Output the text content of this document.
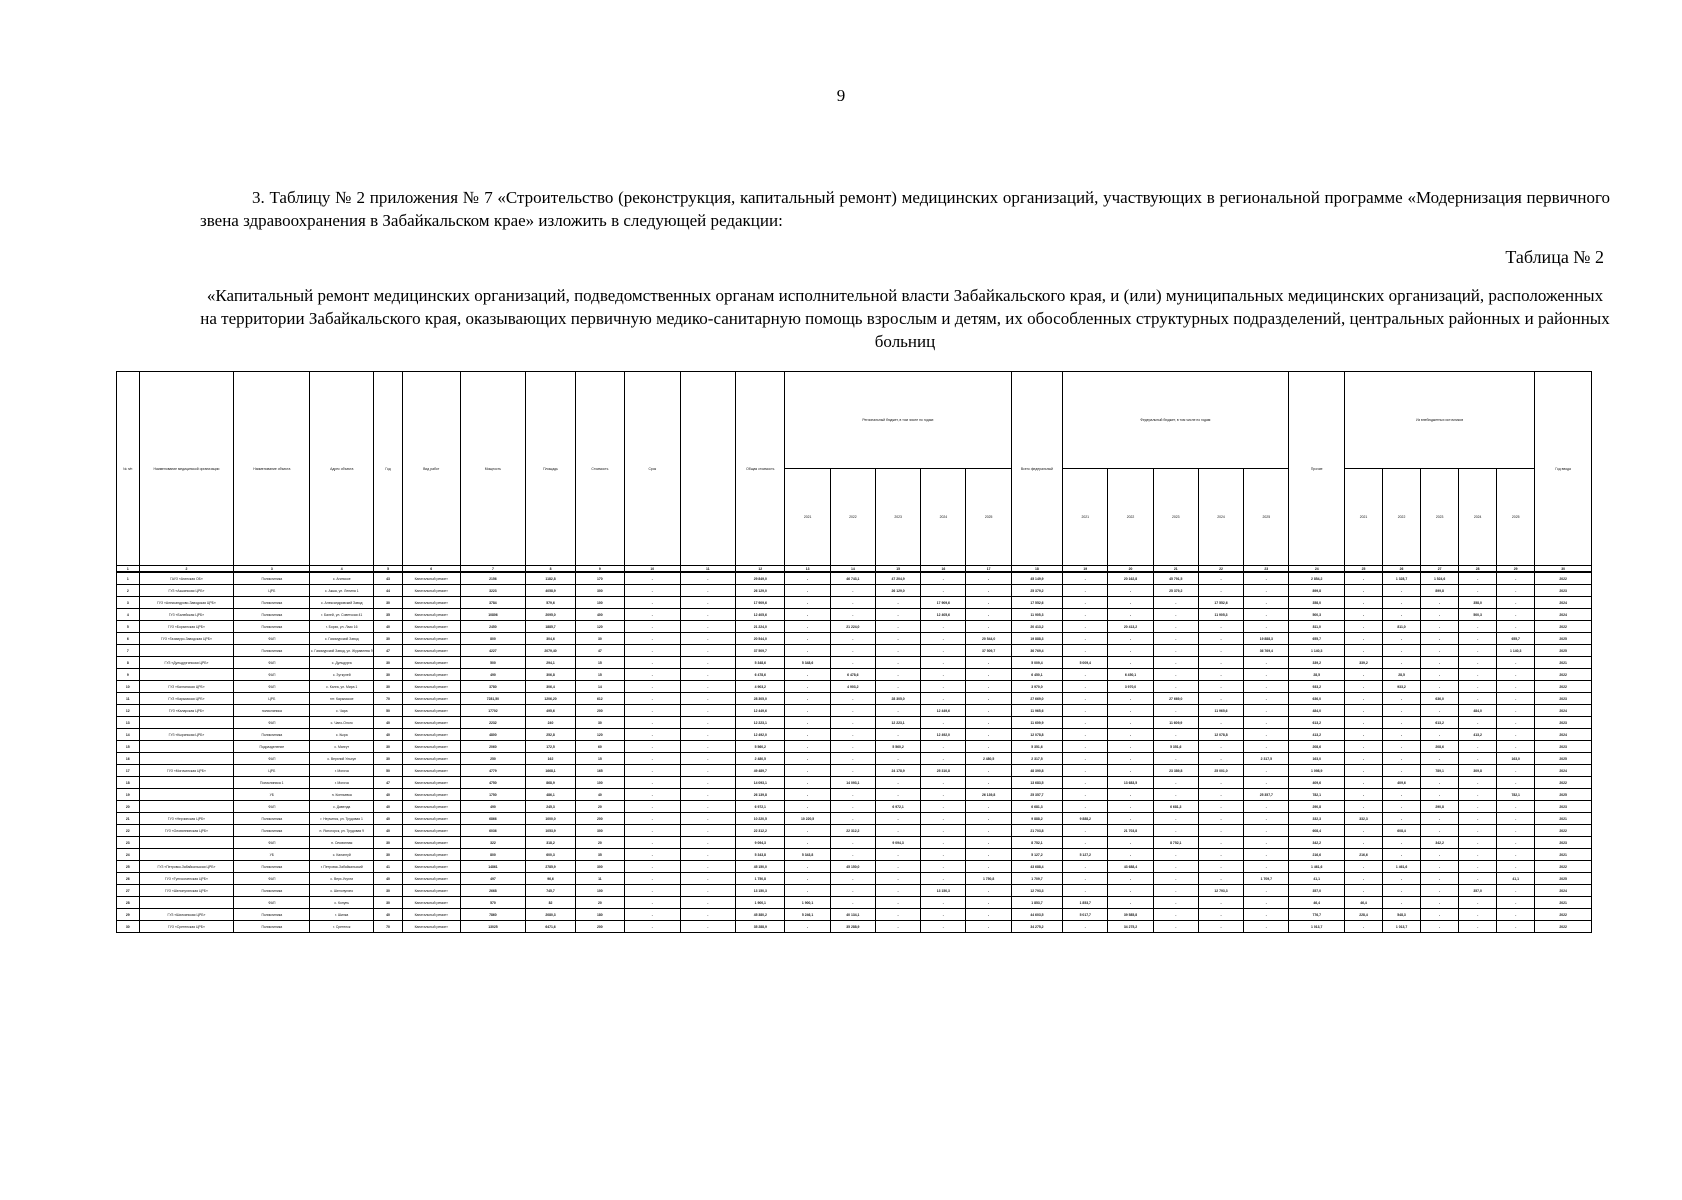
9
3. Таблицу № 2 приложения № 7 «Строительство (реконструкция, капитальный ремонт) медицинских организаций, участвующих в региональной программе «Модернизация первичного звена здравоохранения в Забайкальском крае» изложить в следующей редакции:
Таблица № 2
«Капитальный ремонт медицинских организаций, подведомственных органам исполнительной власти Забайкальского края, и (или) муниципальных медицинских организаций, расположенных на территории Забайкальского края, оказывающих первичную медико-санитарную помощь взрослым и детям, их обособленных структурных подразделений, центральных районных и районных больниц
№ п/п	Наименование медицинской организации	Наименование объекта	Адрес объекта	Год	Вид работ	Мощность	Площадь	Стоимость	Срок		Общая стоимость	Региональный бюджет, в том числе по годам:					Всего федеральный	Федеральный бюджет, в том числе по годам:					Прочие	Из внебюджетных источников					Год ввода
												2021	2022	2023	2024	2025		2021	2022	2023	2024	2025		2021	2022	2023	2024	2025	
1	2	3	4	5	6	7	8	9	10	11	12	13	14	15	16	17	18	19	20	21	22	23	24	25	26	27	28	29	30
1	ГАУЗ «Агинская ОБ»	Поликлиника	с. Агинское	43	Капитальный ремонт	2156	1182,8	170	-	-	29 849,0	-	46 743,1	47 204,9	-	-	45 149,9	-	20 162,8	45 791,5	-	-	2 854,2	-	1 328,7	1 524,6	-	-	2022
2	ГУЗ «Акшинская ЦРБ»	ЦРБ	с. Акша, ул. Ленина 1	44	Капитальный ремонт	3223	4058,9	300	-	-	26 129,0	-	-	26 129,0	-	-	25 379,2	-	-	25 379,2	-	-	899,8	-	-	899,8	-	-	2023
3	ГУЗ «Александрово-Заводская ЦРБ»	Поликлиника	с. Александровский Завод	30	Капитальный ремонт	3784	579,6	100	-	-	17 909,6	-	-	-	17 909,6	-	17 552,6	-	-	-	17 552,6	-	358,0	-	-	-	358,0	-	2024
4	ГУЗ «Балейская ЦРБ»	Поликлиника	г. Балей, ул. Советская 41	35	Капитальный ремонт	10806	2095,0	400	-	-	12 405,6	-	-	-	12 405,6	-	11 905,3	-	-	-	11 905,3	-	500,3	-	-	-	500,3	-	2024
5	ГУЗ «Борзинская ЦРБ»	Поликлиника	г. Борзя, ул. Лазо 16	40	Капитальный ремонт	2450	1885,7	120	-	-	21 224,0	-	21 224,0	-	-	-	20 413,2	-	20 413,2	-	-	-	811,0	-	811,0	-	-	-	2022
6	ГУЗ «Газимуро-Заводская ЦРБ»	ФАП	с. Газимурский Завод	30	Капитальный ремонт	800	304,6	30	-	-	20 544,0	-	-	-	-	20 544,0	19 888,3	-	-	-	-	19 888,3	655,7	-	-	-	-	655,7	2025
7		Поликлиника	с. Газимурский Завод, ул. Журавлева 9	47	Капитальный ремонт	4227	2079,40	47	-	-	37 509,7	-	-	-	-	37 509,7	36 769,4	-	-	-	-	36 769,4	1 140,3	-	-	-	-	1 140,3	2025
8	ГУЗ «Дульдургинская ЦРБ»	ФАП	с. Дульдурга	30	Капитальный ремонт	500	294,1	15	-	-	5 348,6	5 348,6	-	-	-	-	5 009,4	5 009,4	-	-	-	-	339,2	339,2	-	-	-	-	2021
9		ФАП	с. Зуткулей	30	Капитальный ремонт	490	306,8	15	-	-	6 478,6	-	6 478,6	-	-	-	6 450,1	-	6 450,1	-	-	-	28,5	-	28,5	-	-	-	2022
10	ГУЗ «Калганская ЦРБ»	ФАП	с. Калга, ул. Мира 1	30	Капитальный ремонт	3780	306,4	14	-	-	4 903,2	-	4 903,2	-	-	-	3 970,0	-	3 970,0	-	-	-	933,2	-	933,2	-	-	-	2022
11	ГУЗ «Карымская ЦРБ»	ЦРБ	пгт. Карымское	70	Капитальный ремонт	7281,50	1206,20	612	-	-	28 305,0	-	-	28 305,0	-	-	27 669,0	-	-	27 669,0	-	-	636,0	-	-	636,0	-	-	2023
12	ГУЗ «Каларская ЦРБ»	поликлиника	с. Чара	50	Капитальный ремонт	17702	495,6	200	-	-	12 449,6	-	-	-	12 449,6	-	11 965,6	-	-	-	11 965,6	-	484,0	-	-	-	484,0	-	2024
13		ФАП	с. Чапо-Олого	40	Капитальный ремонт	2232	240	30	-	-	12 223,1	-	-	12 223,1	-	-	11 609,9	-	-	11 609,9	-	-	613,2	-	-	613,2	-	-	2023
14	ГУЗ «Кыринская ЦРБ»	Поликлиника	с. Кыра	40	Капитальный ремонт	4800	252,8	120	-	-	12 492,0	-	-	-	12 492,0	-	12 078,8	-	-	-	12 078,8	-	413,2	-	-	-	413,2	-	2024
15		Подразделение	с. Мангут	30	Капитальный ремонт	2060	172,5	60	-	-	5 560,2	-	-	5 560,2	-	-	5 351,6	-	-	5 351,6	-	-	208,6	-	-	208,6	-	-	2023
16		ФАП	с. Верхний Ульхун	30	Капитальный ремонт	250	162	15	-	-	2 480,5	-	-	-	-	2 480,5	2 317,5	-	-	-	-	2 317,5	163,0	-	-	-	-	163,0	2025
17	ГУЗ «Могочинская ЦРБ»	ЦРБ	г. Могоча	50	Капитальный ремонт	4779	1668,1	165	-	-	49 489,7	-	-	24 178,9	25 310,8	-	48 390,8	-	-	23 389,8	25 001,0	-	1 098,9	-	-	789,1	309,8	-	2024
18		Поликлиника 1	г. Могоча	47	Капитальный ремонт	4750	868,9	100	-	-	14 093,1	-	14 093,1	-	-	-	13 683,5	-	13 683,5	-	-	-	409,6	-	409,6	-	-	-	2022
19		УБ	п. Ксеньевка	40	Капитальный ремонт	1750	486,1	40	-	-	26 139,8	-	-	-	-	26 139,8	25 357,7	-	-	-	-	25 357,7	782,1	-	-	-	-	782,1	2025
20		ФАП	с. Давенда	40	Капитальный ремонт	490	245,3	20	-	-	6 972,1	-	-	6 972,1	-	-	6 681,3	-	-	6 681,3	-	-	290,8	-	-	290,8	-	-	2023
21	ГУЗ «Нерчинская ЦРБ»	Поликлиника	г. Нерчинск, ул. Трудовая 1	40	Капитальный ремонт	6866	1000,0	200	-	-	10 220,5	10 220,5	-	-	-	-	9 888,2	9 888,2	-	-	-	-	332,3	332,3	-	-	-	-	2021
22	ГУЗ «Оловяннинская ЦРБ»	Поликлиника	п. Ясногорск, ул. Трудовая 9	40	Капитальный ремонт	6036	1053,9	300	-	-	22 312,2	-	22 312,2	-	-	-	21 703,8	-	21 703,8	-	-	-	608,4	-	608,4	-	-	-	2022
23		ФАП	п. Оловянная	30	Капитальный ремонт	322	318,2	20	-	-	9 094,3	-	-	9 094,3	-	-	8 752,1	-	-	8 752,1	-	-	342,2	-	-	342,2	-	-	2023
24		УБ	с. Калангуй	30	Капитальный ремонт	800	600,3	35	-	-	5 343,8	5 343,8	-	-	-	-	5 127,2	5 127,2	-	-	-	-	216,6	216,6	-	-	-	-	2021
25	ГУЗ «Петровск-Забайкальская ЦРБ»	Поликлиника	г. Петровск-Забайкальский	41	Капитальный ремонт	14861	2785,9	300	-	-	45 150,0	-	45 150,0	-	-	-	43 688,4	-	43 688,4	-	-	-	1 461,6	-	1 461,6	-	-	-	2022
26	ГУЗ «Тунгокоченская ЦРБ»	ФАП	с. Верх-Усугли	40	Капитальный ремонт	497	96,6	11	-	-	1 750,8	-	-	-	-	1 750,8	1 709,7	-	-	-	-	1 709,7	41,1	-	-	-	-	41,1	2025
27	ГУЗ «Шелопугинская ЦРБ»	Поликлиника	с. Шелопугино	30	Капитальный ремонт	2668	745,7	100	-	-	13 150,3	-	-	-	13 150,3	-	12 793,3	-	-	-	12 793,3	-	357,0	-	-	-	357,0	-	2024
28		ФАП	с. Копунь	30	Капитальный ремонт	570	82	20	-	-	1 900,1	1 900,1	-	-	-	-	1 853,7	1 853,7	-	-	-	-	46,4	46,4	-	-	-	-	2021
29	ГУЗ «Шилкинская ЦРБ»	Поликлиника	г. Шилка	40	Капитальный ремонт	7860	2080,3	180	-	-	45 380,2	5 246,1	40 134,1	-	-	-	44 603,5	5 017,7	39 585,8	-	-	-	776,7	228,4	548,3	-	-	-	2022
30	ГУЗ «Сретенская ЦРБ»	Поликлиника	г. Сретенск	70	Капитальный ремонт	13025	6471,6	200	-	-	35 288,9	-	35 288,9	-	-	-	34 275,2	-	34 275,2	-	-	-	1 013,7	-	1 013,7	-	-	-	2022
